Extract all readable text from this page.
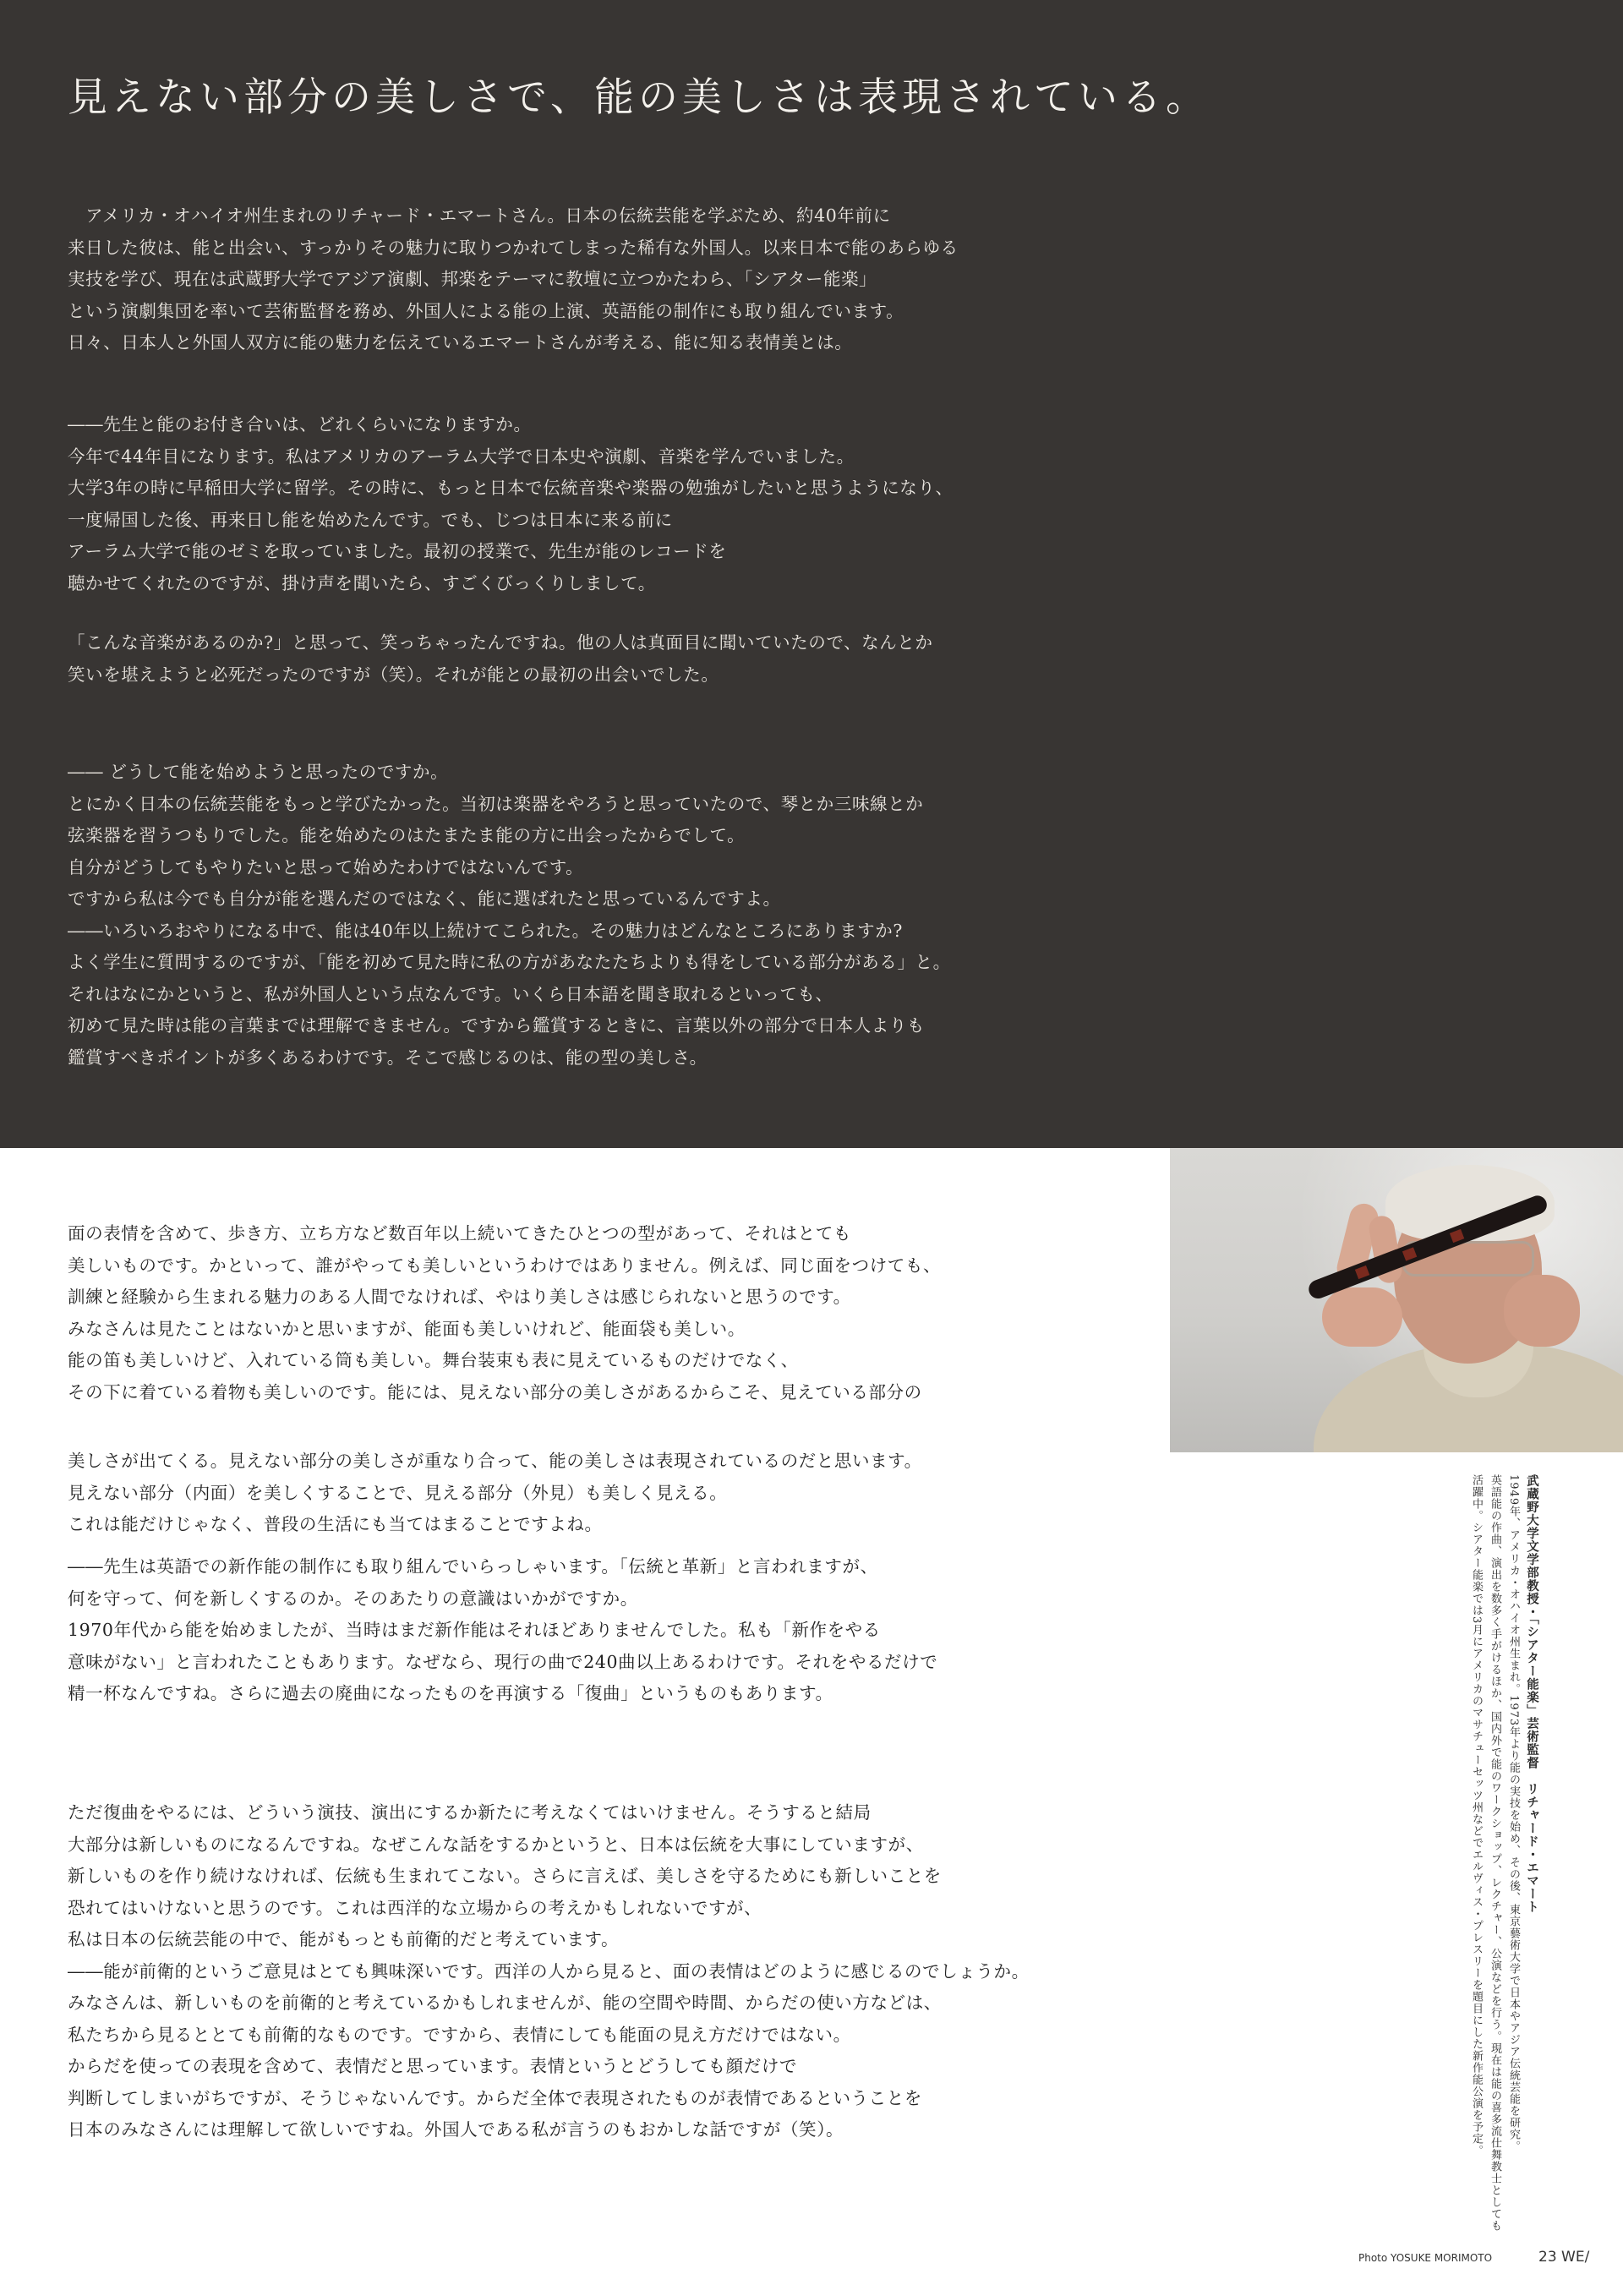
見えない部分の美しさで、能の美しさは表現されている。
　アメリカ・オハイオ州生まれのリチャード・エマートさん。日本の伝統芸能を学ぶため、約40年前に
来日した彼は、能と出会い、すっかりその魅力に取りつかれてしまった稀有な外国人。以来日本で能のあらゆる
実技を学び、現在は武蔵野大学でアジア演劇、邦楽をテーマに教壇に立つかたわら、「シアター能楽」
という演劇集団を率いて芸術監督を務め、外国人による能の上演、英語能の制作にも取り組んでいます。
日々、日本人と外国人双方に能の魅力を伝えているエマートさんが考える、能に知る表情美とは。
――先生と能のお付き合いは、どれくらいになりますか。
今年で44年目になります。私はアメリカのアーラム大学で日本史や演劇、音楽を学んでいました。
大学3年の時に早稲田大学に留学。その時に、もっと日本で伝統音楽や楽器の勉強がしたいと思うようになり、
一度帰国した後、再来日し能を始めたんです。でも、じつは日本に来る前に
アーラム大学で能のゼミを取っていました。最初の授業で、先生が能のレコードを
聴かせてくれたのですが、掛け声を聞いたら、すごくびっくりしまして。
「こんな音楽があるのか?」と思って、笑っちゃったんですね。他の人は真面目に聞いていたので、なんとか
笑いを堪えようと必死だったのですが（笑）。それが能との最初の出会いでした。
―― どうして能を始めようと思ったのですか。
とにかく日本の伝統芸能をもっと学びたかった。当初は楽器をやろうと思っていたので、琴とか三味線とか
弦楽器を習うつもりでした。能を始めたのはたまたま能の方に出会ったからでして。
自分がどうしてもやりたいと思って始めたわけではないんです。
ですから私は今でも自分が能を選んだのではなく、能に選ばれたと思っているんですよ。
――いろいろおやりになる中で、能は40年以上続けてこられた。その魅力はどんなところにありますか?
よく学生に質問するのですが、「能を初めて見た時に私の方があなたたちよりも得をしている部分がある」と。
それはなにかというと、私が外国人という点なんです。いくら日本語を聞き取れるといっても、
初めて見た時は能の言葉までは理解できません。ですから鑑賞するときに、言葉以外の部分で日本人よりも
鑑賞すべきポイントが多くあるわけです。そこで感じるのは、能の型の美しさ。
面の表情を含めて、歩き方、立ち方など数百年以上続いてきたひとつの型があって、それはとても
美しいものです。かといって、誰がやっても美しいというわけではありません。例えば、同じ面をつけても、
訓練と経験から生まれる魅力のある人間でなければ、やはり美しさは感じられないと思うのです。
みなさんは見たことはないかと思いますが、能面も美しいけれど、能面袋も美しい。
能の笛も美しいけど、入れている筒も美しい。舞台装束も表に見えているものだけでなく、
その下に着ている着物も美しいのです。能には、見えない部分の美しさがあるからこそ、見えている部分の
美しさが出てくる。見えない部分の美しさが重なり合って、能の美しさは表現されているのだと思います。
見えない部分（内面）を美しくすることで、見える部分（外見）も美しく見える。
これは能だけじゃなく、普段の生活にも当てはまることですよね。
――先生は英語での新作能の制作にも取り組んでいらっしゃいます。「伝統と革新」と言われますが、
何を守って、何を新しくするのか。そのあたりの意識はいかがですか。
1970年代から能を始めましたが、当時はまだ新作能はそれほどありませんでした。私も「新作をやる
意味がない」と言われたこともあります。なぜなら、現行の曲で240曲以上あるわけです。それをやるだけで
精一杯なんですね。さらに過去の廃曲になったものを再演する「復曲」というものもあります。
ただ復曲をやるには、どういう演技、演出にするか新たに考えなくてはいけません。そうすると結局
大部分は新しいものになるんですね。なぜこんな話をするかというと、日本は伝統を大事にしていますが、
新しいものを作り続けなければ、伝統も生まれてこない。さらに言えば、美しさを守るためにも新しいことを
恐れてはいけないと思うのです。これは西洋的な立場からの考えかもしれないですが、
私は日本の伝統芸能の中で、能がもっとも前衛的だと考えています。
――能が前衛的というご意見はとても興味深いです。西洋の人から見ると、面の表情はどのように感じるのでしょうか。
みなさんは、新しいものを前衛的と考えているかもしれませんが、能の空間や時間、からだの使い方などは、
私たちから見るととても前衛的なものです。ですから、表情にしても能面の見え方だけではない。
からだを使っての表現を含めて、表情だと思っています。表情というとどうしても顔だけで
判断してしまいがちですが、そうじゃないんです。からだ全体で表現されたものが表情であるということを
日本のみなさんには理解して欲しいですね。外国人である私が言うのもおかしな話ですが（笑）。

武蔵野大学文学部教授・「シアター能楽」芸術監督　リチャード・エマート

1949年、アメリカ・オハイオ州生まれ。1973年より能の実技を始め、その後、東京藝術大学で日本やアジア伝統芸能を研究。

英語能の作曲、演出を数多く手がけるほか、国内外で能のワークショップ、レクチャー、公演などを行う。現在は能の喜多流仕舞教士としても

活躍中。シアター能楽では3月にアメリカのマサチューセッツ州などでエルヴィス・プレスリーを題目にした新作能公演を予定。

Photo YOSUKE MORIMOTO	23 WE/
